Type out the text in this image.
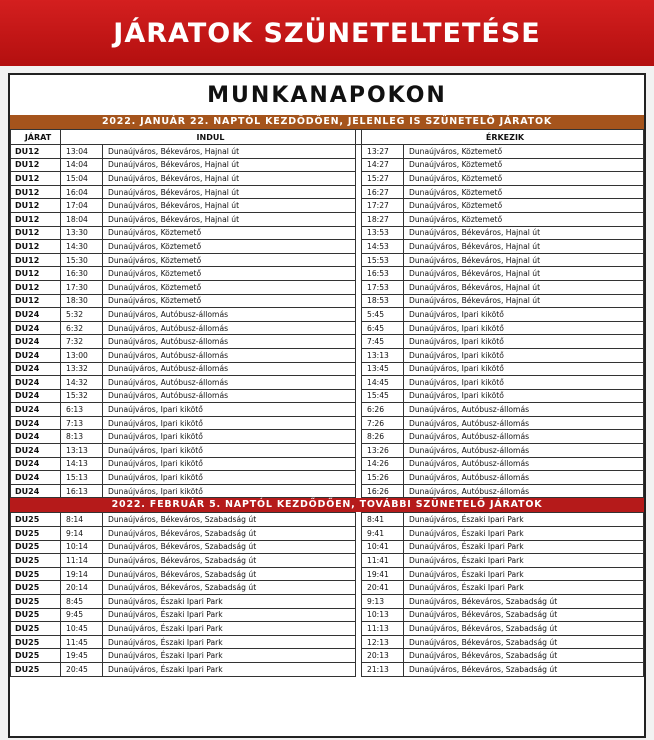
JÁRATOK SZÜNETELTETÉSE
MUNKANAPOKON
2022. JANUÁR 22. NAPTÓL KEZDŐDŐEN, JELENLEG IS SZÜNETELŐ JÁRATOK
JÁRAT	INDUL			ÉRKEZIK	
DU12	13:04	Dunaújváros, Békeváros, Hajnal út		13:27	Dunaújváros, Köztemető
DU12	14:04	Dunaújváros, Békeváros, Hajnal út		14:27	Dunaújváros, Köztemető
DU12	15:04	Dunaújváros, Békeváros, Hajnal út		15:27	Dunaújváros, Köztemető
DU12	16:04	Dunaújváros, Békeváros, Hajnal út		16:27	Dunaújváros, Köztemető
DU12	17:04	Dunaújváros, Békeváros, Hajnal út		17:27	Dunaújváros, Köztemető
DU12	18:04	Dunaújváros, Békeváros, Hajnal út		18:27	Dunaújváros, Köztemető
DU12	13:30	Dunaújváros, Köztemető		13:53	Dunaújváros, Békeváros, Hajnal út
DU12	14:30	Dunaújváros, Köztemető		14:53	Dunaújváros, Békeváros, Hajnal út
DU12	15:30	Dunaújváros, Köztemető		15:53	Dunaújváros, Békeváros, Hajnal út
DU12	16:30	Dunaújváros, Köztemető		16:53	Dunaújváros, Békeváros, Hajnal út
DU12	17:30	Dunaújváros, Köztemető		17:53	Dunaújváros, Békeváros, Hajnal út
DU12	18:30	Dunaújváros, Köztemető		18:53	Dunaújváros, Békeváros, Hajnal út
DU24	5:32	Dunaújváros, Autóbusz-állomás		5:45	Dunaújváros, Ipari kikötő
DU24	6:32	Dunaújváros, Autóbusz-állomás		6:45	Dunaújváros, Ipari kikötő
DU24	7:32	Dunaújváros, Autóbusz-állomás		7:45	Dunaújváros, Ipari kikötő
DU24	13:00	Dunaújváros, Autóbusz-állomás		13:13	Dunaújváros, Ipari kikötő
DU24	13:32	Dunaújváros, Autóbusz-állomás		13:45	Dunaújváros, Ipari kikötő
DU24	14:32	Dunaújváros, Autóbusz-állomás		14:45	Dunaújváros, Ipari kikötő
DU24	15:32	Dunaújváros, Autóbusz-állomás		15:45	Dunaújváros, Ipari kikötő
DU24	6:13	Dunaújváros, Ipari kikötő		6:26	Dunaújváros, Autóbusz-állomás
DU24	7:13	Dunaújváros, Ipari kikötő		7:26	Dunaújváros, Autóbusz-állomás
DU24	8:13	Dunaújváros, Ipari kikötő		8:26	Dunaújváros, Autóbusz-állomás
DU24	13:13	Dunaújváros, Ipari kikötő		13:26	Dunaújváros, Autóbusz-állomás
DU24	14:13	Dunaújváros, Ipari kikötő		14:26	Dunaújváros, Autóbusz-állomás
DU24	15:13	Dunaújváros, Ipari kikötő		15:26	Dunaújváros, Autóbusz-állomás
DU24	16:13	Dunaújváros, Ipari kikötő		16:26	Dunaújváros, Autóbusz-állomás
2022. FEBRUÁR 5. NAPTÓL KEZDŐDŐEN, TOVÁBBI SZÜNETELŐ JÁRATOK
DU25	8:14	Dunaújváros, Békeváros, Szabadság út		8:41	Dunaújváros, Északi Ipari Park
DU25	9:14	Dunaújváros, Békeváros, Szabadság út		9:41	Dunaújváros, Északi Ipari Park
DU25	10:14	Dunaújváros, Békeváros, Szabadság út		10:41	Dunaújváros, Északi Ipari Park
DU25	11:14	Dunaújváros, Békeváros, Szabadság út		11:41	Dunaújváros, Északi Ipari Park
DU25	19:14	Dunaújváros, Békeváros, Szabadság út		19:41	Dunaújváros, Északi Ipari Park
DU25	20:14	Dunaújváros, Békeváros, Szabadság út		20:41	Dunaújváros, Északi Ipari Park
DU25	8:45	Dunaújváros, Északi Ipari Park		9:13	Dunaújváros, Békeváros, Szabadság út
DU25	9:45	Dunaújváros, Északi Ipari Park		10:13	Dunaújváros, Békeváros, Szabadság út
DU25	10:45	Dunaújváros, Északi Ipari Park		11:13	Dunaújváros, Békeváros, Szabadság út
DU25	11:45	Dunaújváros, Északi Ipari Park		12:13	Dunaújváros, Békeváros, Szabadság út
DU25	19:45	Dunaújváros, Északi Ipari Park		20:13	Dunaújváros, Békeváros, Szabadság út
DU25	20:45	Dunaújváros, Északi Ipari Park		21:13	Dunaújváros, Békeváros, Szabadság út
